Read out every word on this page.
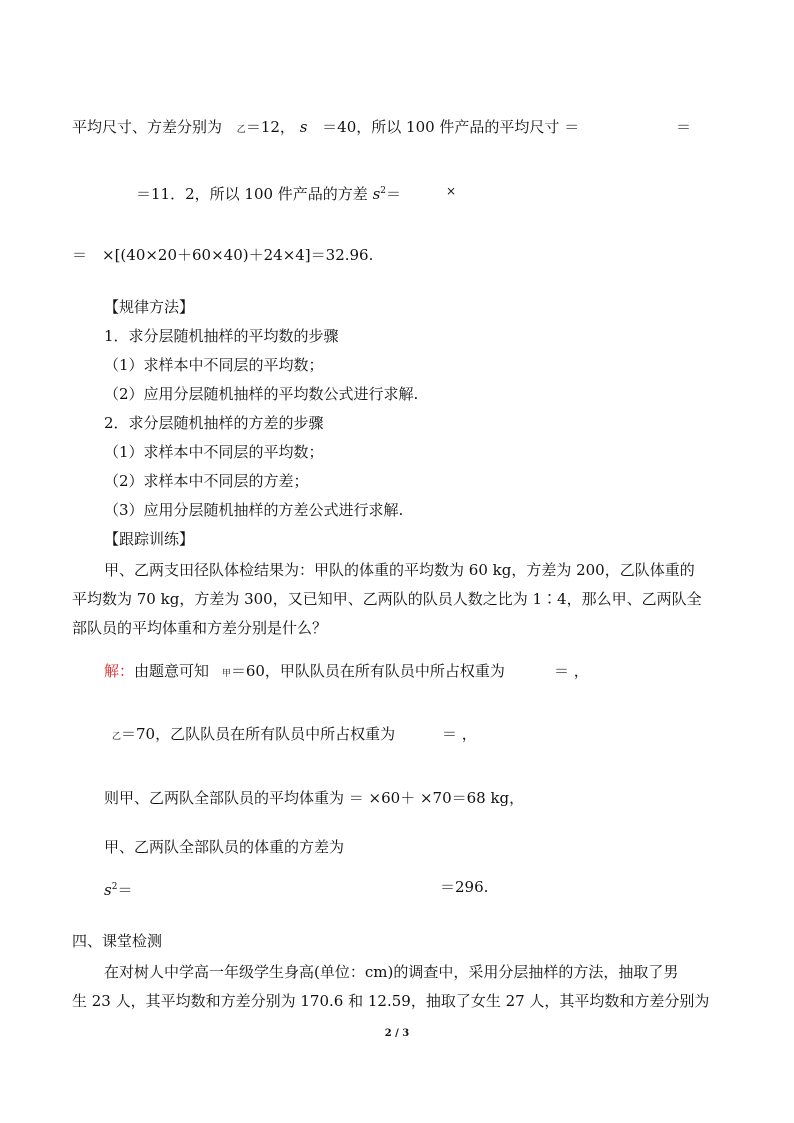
平均尺寸、方差分别为 乙＝12， s ＝40，所以 100 件产品的平均尺寸 ＝	＝
＝11．2，所以 100 件产品的方差 $s^2=$	×
＝　×[(40×20＋60×40)＋24×4]＝32.96.
【规律方法】
1．求分层随机抽样的平均数的步骤
（1）求样本中不同层的平均数；
（2）应用分层随机抽样的平均数公式进行求解.
2．求分层随机抽样的方差的步骤
（1）求样本中不同层的平均数；
（2）求样本中不同层的方差；
（3）应用分层随机抽样的方差公式进行求解.
【跟踪训练】
甲、乙两支田径队体检结果为：甲队的体重的平均数为 60 kg，方差为 200，乙队体重的
平均数为 70 kg，方差为 300，又已知甲、乙两队的队员人数之比为 1∶4，那么甲、乙两队全
部队员的平均体重和方差分别是什么？
解：由题意可知 甲＝60，甲队队员在所有队员中所占权重为	＝ ，
乙＝70，乙队队员在所有队员中所占权重为	＝ ，
则甲、乙两队全部队员的平均体重为 ＝ ×60＋ ×70＝68 kg，
甲、乙两队全部队员的体重的方差为
$s^2=$	＝296.
四、课堂检测
在对树人中学高一年级学生身高(单位：cm)的调查中，采用分层抽样的方法，抽取了男
生 23 人，其平均数和方差分别为 170.6 和 12.59，抽取了女生 27 人，其平均数和方差分别为
2 / 3
